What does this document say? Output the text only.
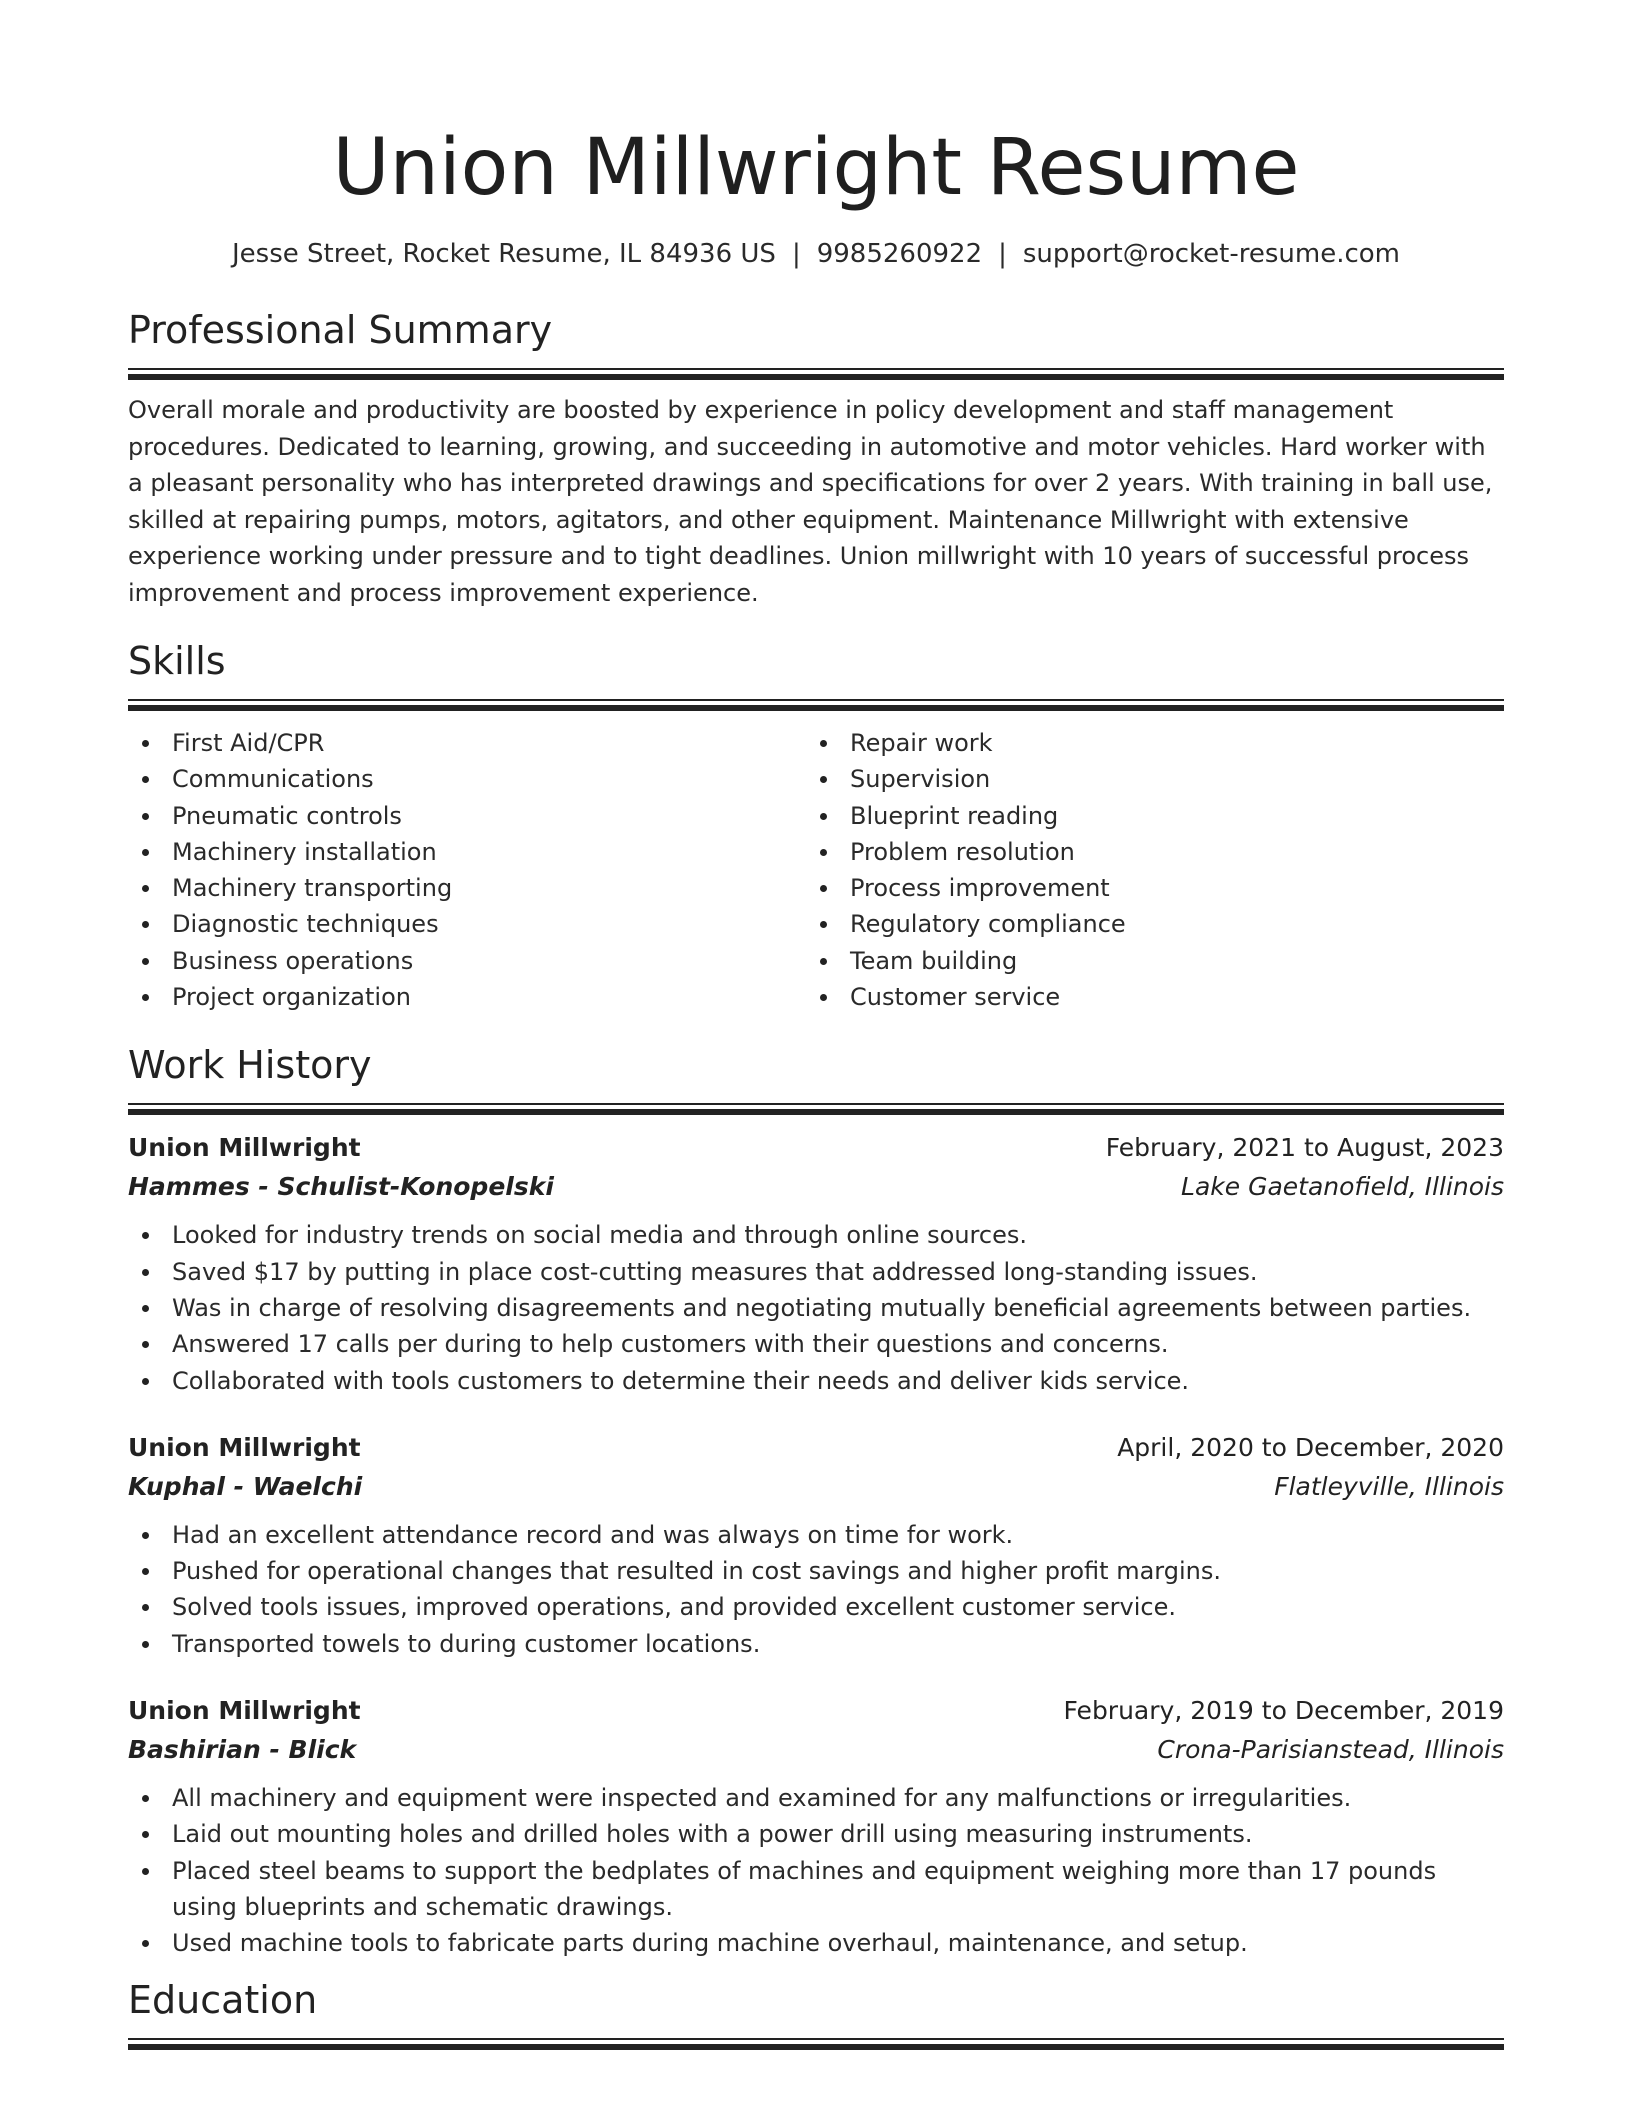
Union Millwright Resume
Jesse Street, Rocket Resume, IL 84936 US | 9985260922 | support@rocket-resume.com
Professional Summary
Overall morale and productivity are boosted by experience in policy development and staff management procedures. Dedicated to learning, growing, and succeeding in automotive and motor vehicles. Hard worker with a pleasant personality who has interpreted drawings and specifications for over 2 years. With training in ball use, skilled at repairing pumps, motors, agitators, and other equipment. Maintenance Millwright with extensive experience working under pressure and to tight deadlines. Union millwright with 10 years of successful process improvement and process improvement experience.
Skills
First Aid/CPR
Communications
Pneumatic controls
Machinery installation
Machinery transporting
Diagnostic techniques
Business operations
Project organization
Repair work
Supervision
Blueprint reading
Problem resolution
Process improvement
Regulatory compliance
Team building
Customer service
Work History
Union Millwright	February, 2021 to August, 2023
Hammes - Schulist-Konopelski	Lake Gaetanofield, Illinois
Looked for industry trends on social media and through online sources.
Saved $17 by putting in place cost-cutting measures that addressed long-standing issues.
Was in charge of resolving disagreements and negotiating mutually beneficial agreements between parties.
Answered 17 calls per during to help customers with their questions and concerns.
Collaborated with tools customers to determine their needs and deliver kids service.
Union Millwright	April, 2020 to December, 2020
Kuphal - Waelchi	Flatleyville, Illinois
Had an excellent attendance record and was always on time for work.
Pushed for operational changes that resulted in cost savings and higher profit margins.
Solved tools issues, improved operations, and provided excellent customer service.
Transported towels to during customer locations.
Union Millwright	February, 2019 to December, 2019
Bashirian - Blick	Crona-Parisianstead, Illinois
All machinery and equipment were inspected and examined for any malfunctions or irregularities.
Laid out mounting holes and drilled holes with a power drill using measuring instruments.
Placed steel beams to support the bedplates of machines and equipment weighing more than 17 pounds using blueprints and schematic drawings.
Used machine tools to fabricate parts during machine overhaul, maintenance, and setup.
Education
